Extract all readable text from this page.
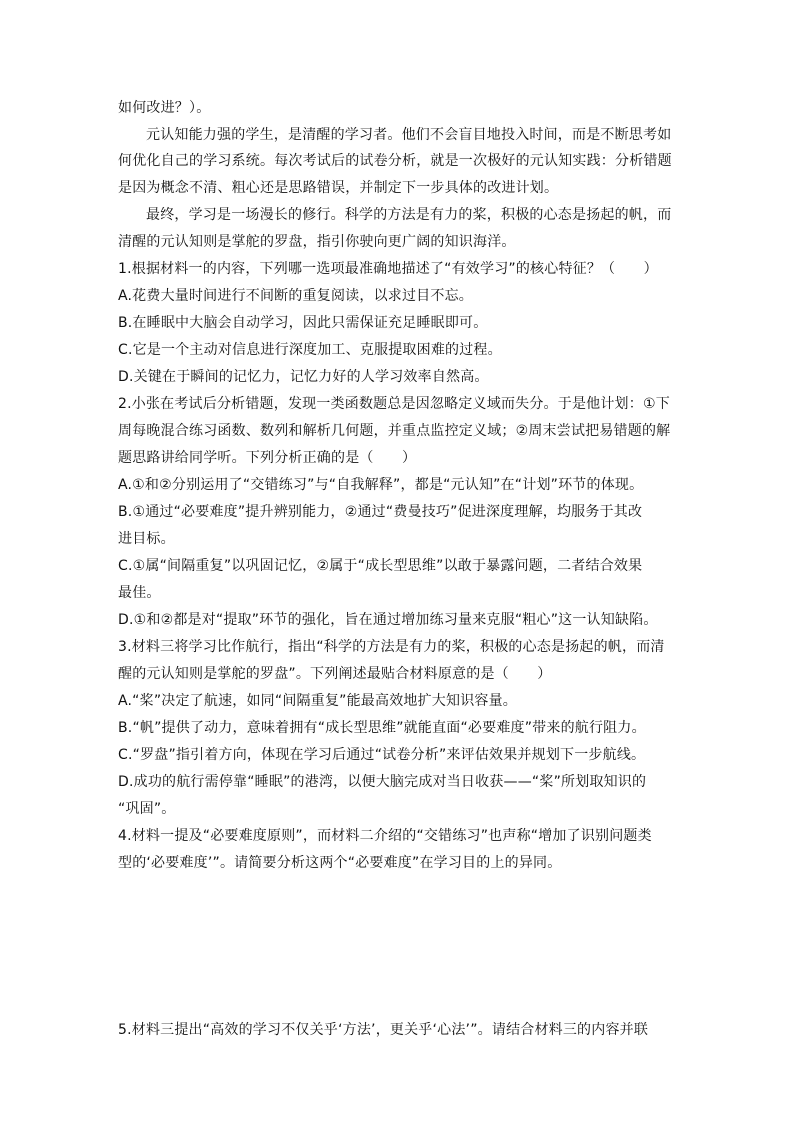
如何改进？）。
元认知能力强的学生，是清醒的学习者。他们不会盲目地投入时间，而是不断思考如
何优化自己的学习系统。每次考试后的试卷分析，就是一次极好的元认知实践：分析错题
是因为概念不清、粗心还是思路错误，并制定下一步具体的改进计划。
最终，学习是一场漫长的修行。科学的方法是有力的桨，积极的心态是扬起的帆，而
清醒的元认知则是掌舵的罗盘，指引你驶向更广阔的知识海洋。
1.根据材料一的内容，下列哪一选项最准确地描述了“有效学习”的核心特征？（　　）
A.花费大量时间进行不间断的重复阅读，以求过目不忘。
B.在睡眠中大脑会自动学习，因此只需保证充足睡眠即可。
C.它是一个主动对信息进行深度加工、克服提取困难的过程。
D.关键在于瞬间的记忆力，记忆力好的人学习效率自然高。
2.小张在考试后分析错题，发现一类函数题总是因忽略定义域而失分。于是他计划：①下
周每晚混合练习函数、数列和解析几何题，并重点监控定义域；②周末尝试把易错题的解
题思路讲给同学听。下列分析正确的是（　　）
A.①和②分别运用了“交错练习”与“自我解释”，都是“元认知”在“计划”环节的体现。
B.①通过“必要难度”提升辨别能力，②通过“费曼技巧”促进深度理解，均服务于其改
进目标。
C.①属“间隔重复”以巩固记忆，②属于“成长型思维”以敢于暴露问题，二者结合效果
最佳。
D.①和②都是对“提取”环节的强化，旨在通过增加练习量来克服“粗心”这一认知缺陷。
3.材料三将学习比作航行，指出“科学的方法是有力的桨，积极的心态是扬起的帆，而清
醒的元认知则是掌舵的罗盘”。下列阐述最贴合材料原意的是（　　）
A.“桨”决定了航速，如同“间隔重复”能最高效地扩大知识容量。
B.“帆”提供了动力，意味着拥有“成长型思维”就能直面“必要难度”带来的航行阻力。
C.“罗盘”指引着方向，体现在学习后通过“试卷分析”来评估效果并规划下一步航线。
D.成功的航行需停靠“睡眠”的港湾，以便大脑完成对当日收获——“桨”所划取知识的
“巩固”。
4.材料一提及“必要难度原则”，而材料二介绍的“交错练习”也声称“增加了识别问题类
型的‘必要难度’”。请简要分析这两个“必要难度”在学习目的上的异同。
5.材料三提出“高效的学习不仅关乎‘方法’，更关乎‘心法’”。请结合材料三的内容并联
